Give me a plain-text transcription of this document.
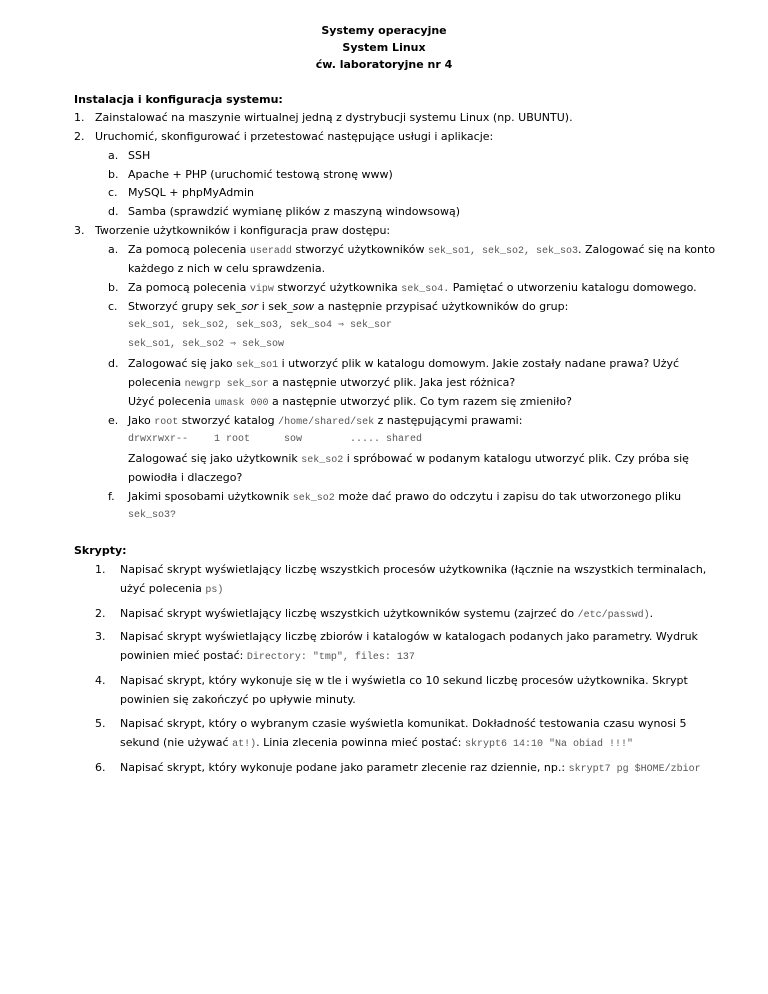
Systemy operacyjne
System Linux
ćw. laboratoryjne nr 4
Instalacja i konfiguracja systemu:
1. Zainstalować na maszynie wirtualnej jedną z dystrybucji systemu Linux (np. UBUNTU).
2. Uruchomić, skonfigurować i przetestować następujące usługi i aplikacje:
a. SSH
b. Apache + PHP (uruchomić testową stronę www)
c. MySQL + phpMyAdmin
d. Samba (sprawdzić wymianę plików z maszyną windowsową)
3. Tworzenie użytkowników i konfiguracja praw dostępu:
a. Za pomocą polecenia useradd stworzyć użytkowników sek_so1, sek_so2, sek_so3. Zalogować się na konto
każdego z nich w celu sprawdzenia.
b. Za pomocą polecenia vipw stworzyć użytkownika sek_so4. Pamiętać o utworzeniu katalogu domowego.
c. Stworzyć grupy sek_sor i sek_sow a następnie przypisać użytkowników do grup:
sek_so1, sek_so2, sek_so3, sek_so4 ⇒ sek_sor
sek_so1, sek_so2 ⇒ sek_sow
d. Zalogować się jako sek_so1 i utworzyć plik w katalogu domowym. Jakie zostały nadane prawa? Użyć
polecenia newgrp sek_sor a następnie utworzyć plik. Jaka jest różnica?
Użyć polecenia umask 000 a następnie utworzyć plik. Co tym razem się zmieniło?
e. Jako root stworzyć katalog /home/shared/sek z następującymi prawami:
drwxrwxr--	1 root	sow	..... shared
Zalogować się jako użytkownik sek_so2 i spróbować w podanym katalogu utworzyć plik. Czy próba się
powiodła i dlaczego?
f. Jakimi sposobami użytkownik sek_so2 może dać prawo do odczytu i zapisu do tak utworzonego pliku
sek_so3?
Skrypty:
1. Napisać skrypt wyświetlający liczbę wszystkich procesów użytkownika (łącznie na wszystkich terminalach,
użyć polecenia ps)
2. Napisać skrypt wyświetlający liczbę wszystkich użytkowników systemu (zajrzeć do /etc/passwd).
3. Napisać skrypt wyświetlający liczbę zbiorów i katalogów w katalogach podanych jako parametry. Wydruk
powinien mieć postać: Directory: "tmp", files: 137
4. Napisać skrypt, który wykonuje się w tle i wyświetla co 10 sekund liczbę procesów użytkownika. Skrypt
powinien się zakończyć po upływie minuty.
5. Napisać skrypt, który o wybranym czasie wyświetla komunikat. Dokładność testowania czasu wynosi 5
sekund (nie używać at!). Linia zlecenia powinna mieć postać: skrypt6 14:10 "Na obiad !!!"
6. Napisać skrypt, który wykonuje podane jako parametr zlecenie raz dziennie, np.: skrypt7 pg $HOME/zbior
